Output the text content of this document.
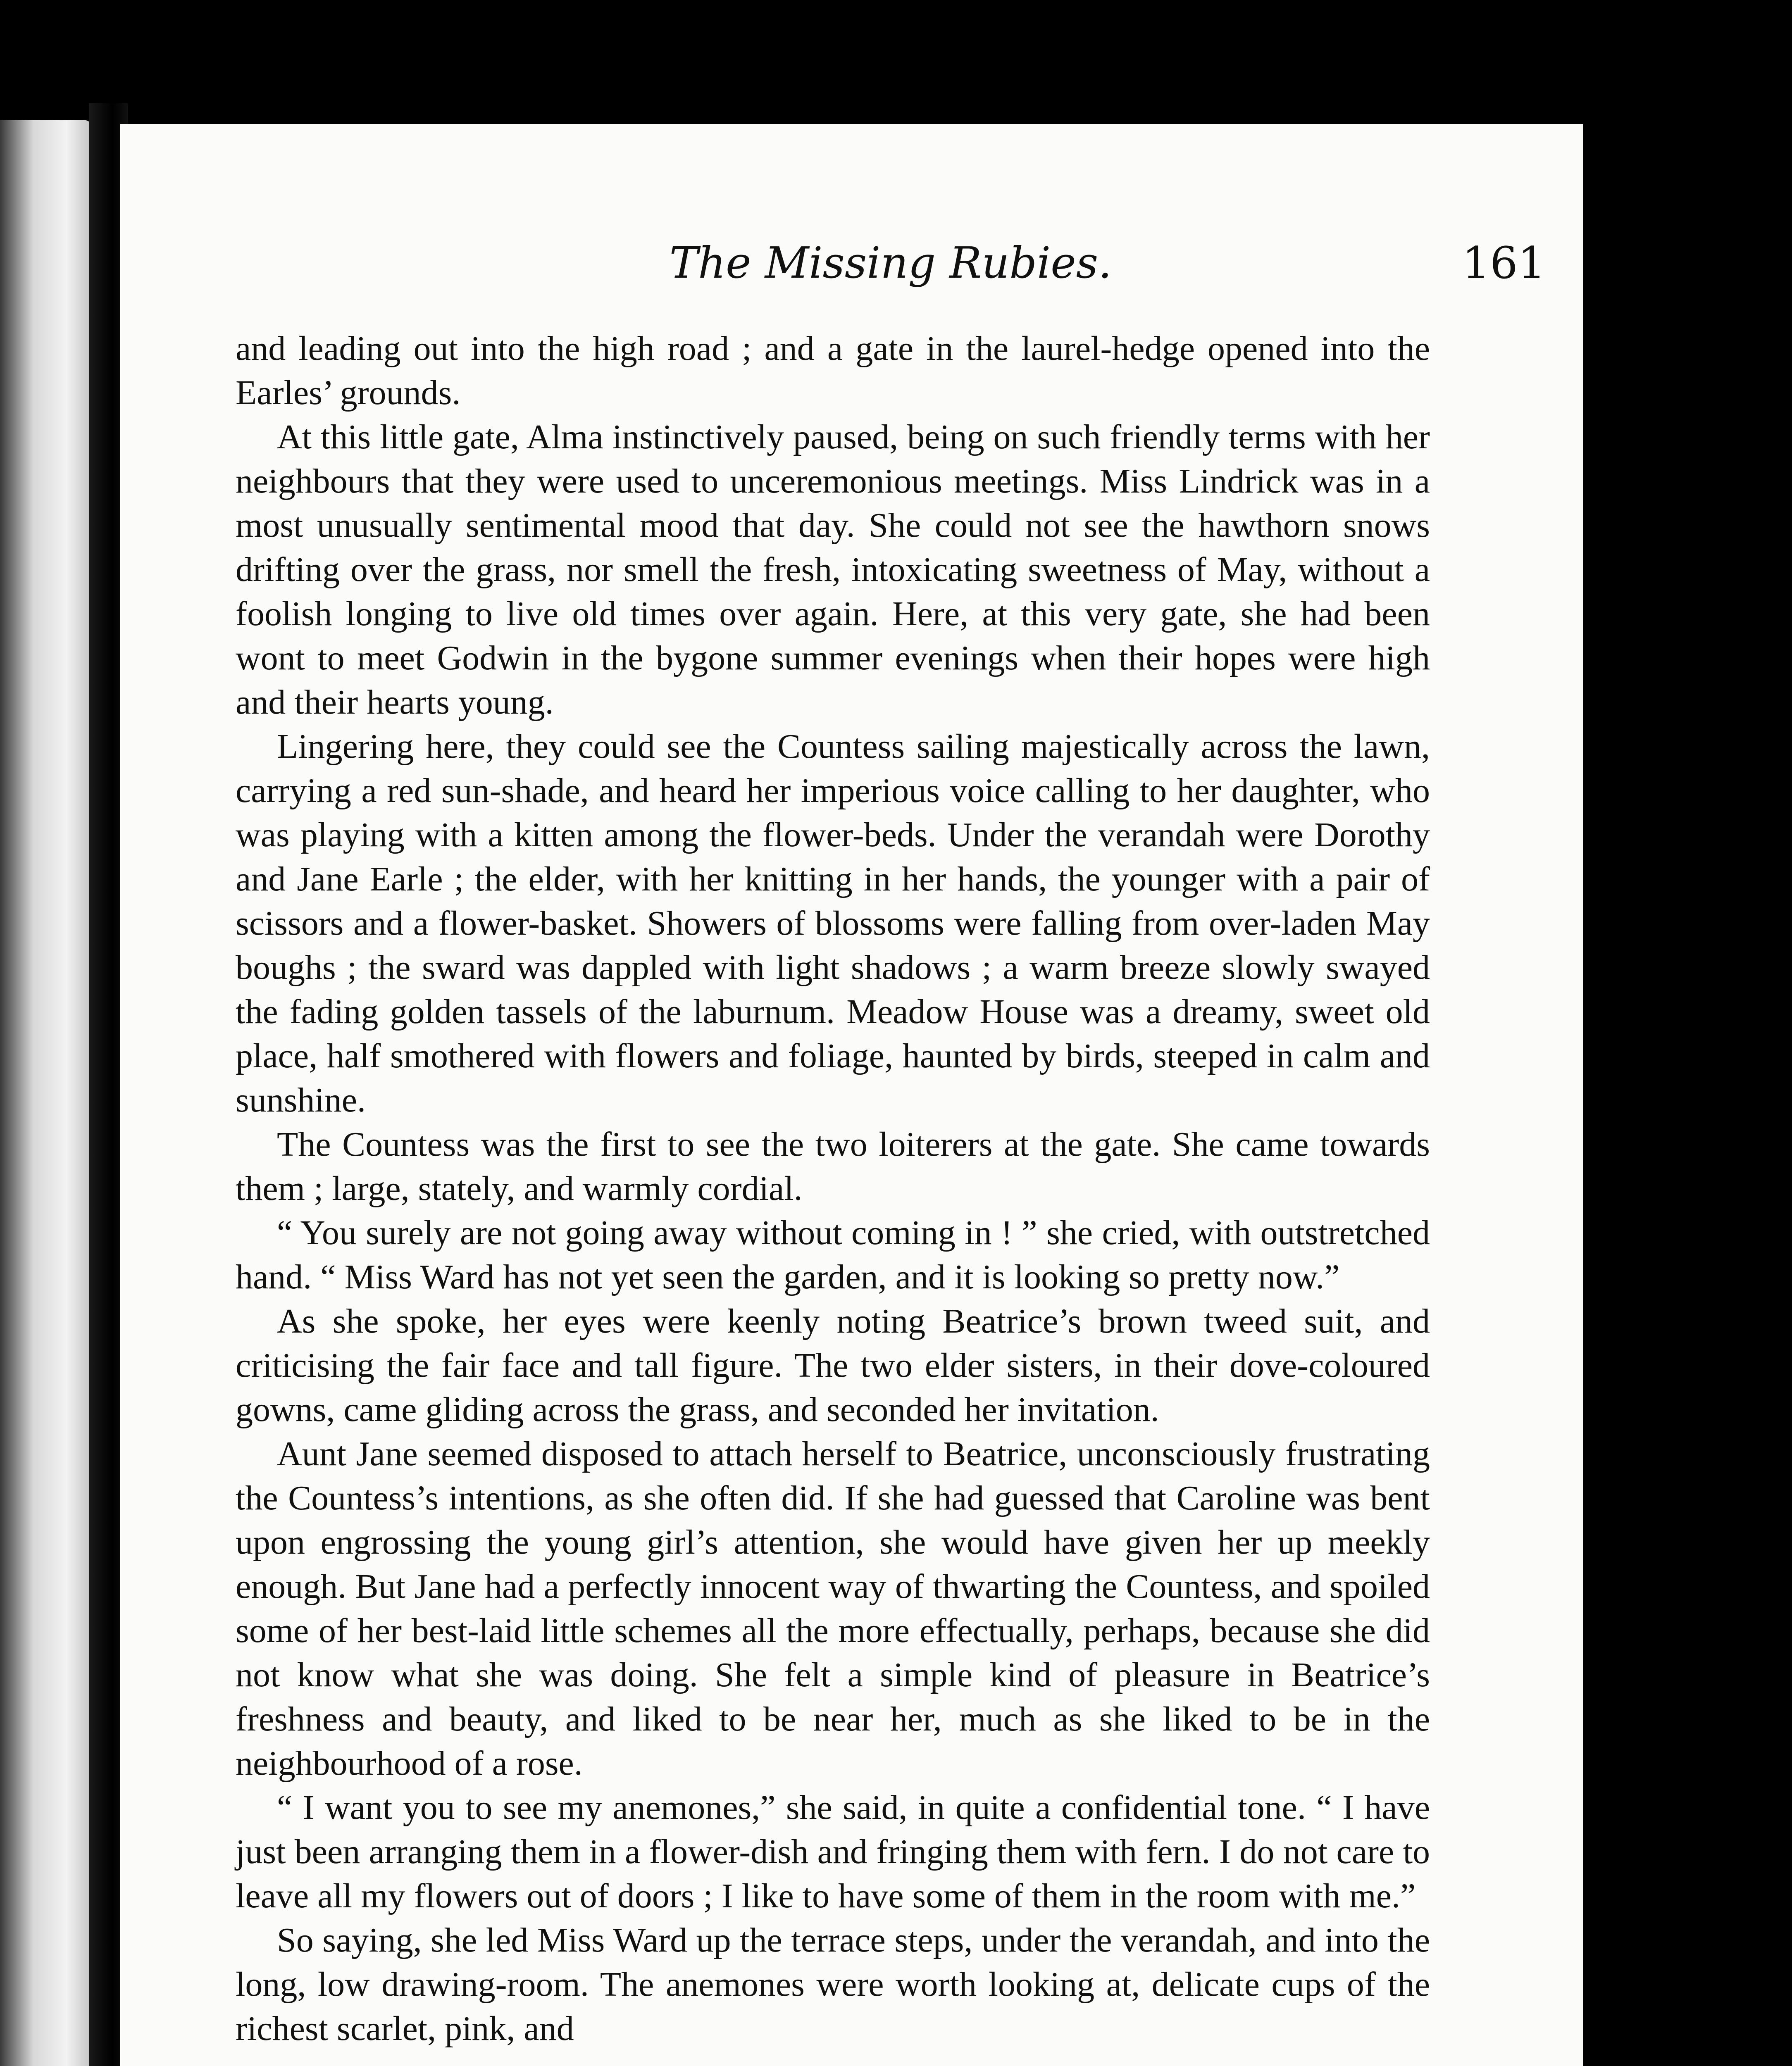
The Missing Rubies.	161

and leading out into the high road ; and a gate in the laurel-hedge opened into the Earles’ grounds.

At this little gate, Alma instinctively paused, being on such friendly terms with her neighbours that they were used to unceremonious meetings. Miss Lindrick was in a most unusually sentimental mood that day. She could not see the hawthorn snows drifting over the grass, nor smell the fresh, intoxicating sweetness of May, without a foolish longing to live old times over again. Here, at this very gate, she had been wont to meet Godwin in the bygone summer evenings when their hopes were high and their hearts young.

Lingering here, they could see the Countess sailing majestically across the lawn, carrying a red sun-shade, and heard her imperious voice calling to her daughter, who was playing with a kitten among the flower-beds. Under the verandah were Dorothy and Jane Earle ; the elder, with her knitting in her hands, the younger with a pair of scissors and a flower-basket. Showers of blossoms were falling from over-laden May boughs ; the sward was dappled with light shadows ; a warm breeze slowly swayed the fading golden tassels of the laburnum. Meadow House was a dreamy, sweet old place, half smothered with flowers and foliage, haunted by birds, steeped in calm and sunshine.

The Countess was the first to see the two loiterers at the gate. She came towards them ; large, stately, and warmly cordial.

“ You surely are not going away without coming in ! ” she cried, with outstretched hand. “ Miss Ward has not yet seen the garden, and it is looking so pretty now.”

As she spoke, her eyes were keenly noting Beatrice’s brown tweed suit, and criticising the fair face and tall figure. The two elder sisters, in their dove-coloured gowns, came gliding across the grass, and seconded her invitation.

Aunt Jane seemed disposed to attach herself to Beatrice, unconsciously frustrating the Countess’s intentions, as she often did. If she had guessed that Caroline was bent upon engrossing the young girl’s attention, she would have given her up meekly enough. But Jane had a perfectly innocent way of thwarting the Countess, and spoiled some of her best-laid little schemes all the more effectually, perhaps, because she did not know what she was doing. She felt a simple kind of pleasure in Beatrice’s freshness and beauty, and liked to be near her, much as she liked to be in the neighbourhood of a rose.

“ I want you to see my anemones,” she said, in quite a confidential tone. “ I have just been arranging them in a flower-dish and fringing them with fern. I do not care to leave all my flowers out of doors ; I like to have some of them in the room with me.”

So saying, she led Miss Ward up the terrace steps, under the verandah, and into the long, low drawing-room. The anemones were worth looking at, delicate cups of the richest scarlet, pink, and
